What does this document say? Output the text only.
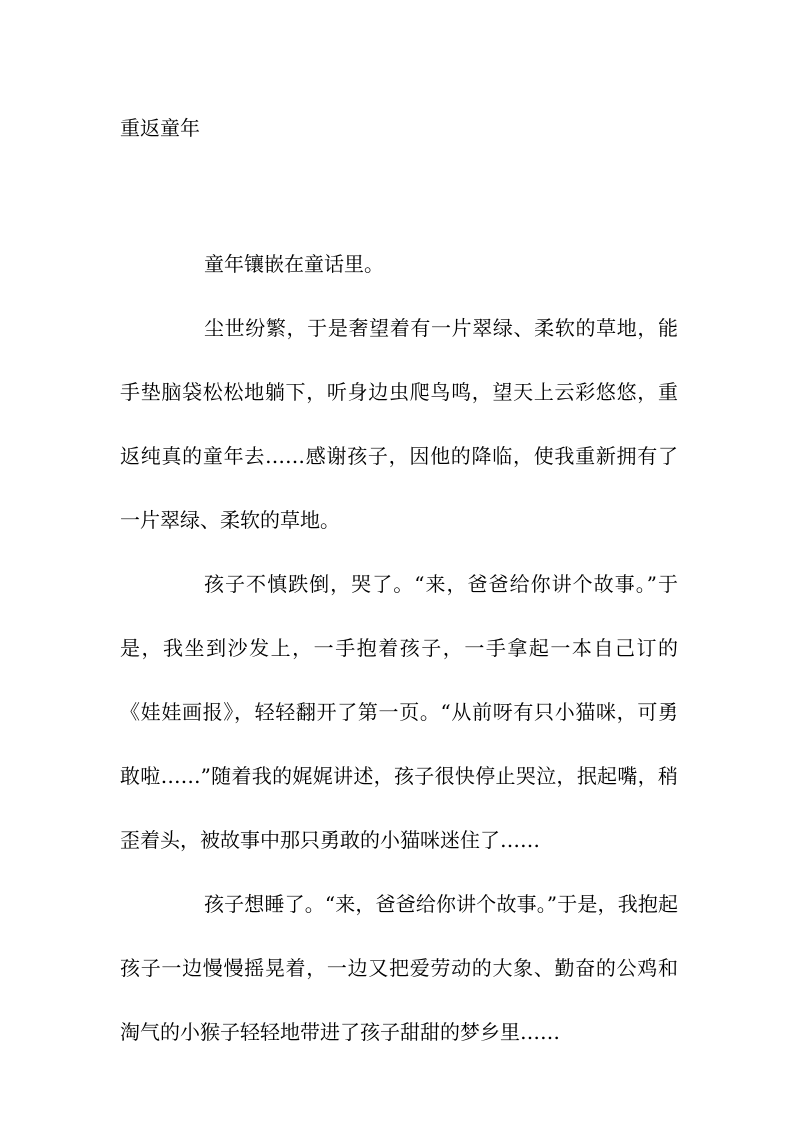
重返童年

童年镶嵌在童话里。

尘世纷繁，于是奢望着有一片翠绿、柔软的草地，能手垫脑袋松松地躺下，听身边虫爬鸟鸣，望天上云彩悠悠，重返纯真的童年去……感谢孩子，因他的降临，使我重新拥有了一片翠绿、柔软的草地。

孩子不慎跌倒，哭了。“来，爸爸给你讲个故事。”于是，我坐到沙发上，一手抱着孩子，一手拿起一本自己订的《娃娃画报》，轻轻翻开了第一页。“从前呀有只小猫咪，可勇敢啦……”随着我的娓娓讲述，孩子很快停止哭泣，抿起嘴，稍歪着头，被故事中那只勇敢的小猫咪迷住了……

孩子想睡了。“来，爸爸给你讲个故事。”于是，我抱起孩子一边慢慢摇晃着，一边又把爱劳动的大象、勤奋的公鸡和淘气的小猴子轻轻地带进了孩子甜甜的梦乡里……
